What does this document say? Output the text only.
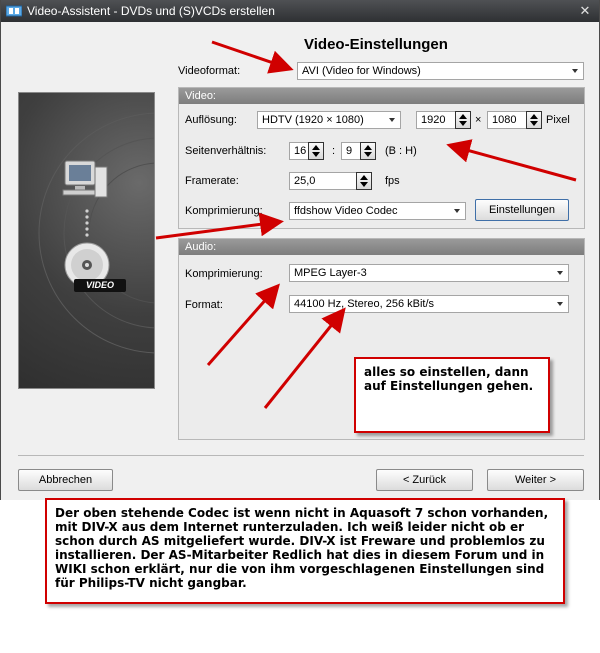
Video-Assistent - DVDs und (S)VCDs erstellen	✕
VIDEO
Video-Einstellungen
Videoformat:	AVI (Video for Windows)
Video:
Auflösung:	HDTV (1920 × 1080)	1920	× 1080	Pixel
Seitenverhältnis:	16 : 9	(B : H)
Framerate:	25,0	fps
Komprimierung:	ffdshow Video Codec	Einstellungen
Audio:
Komprimierung:	MPEG Layer-3
Format:	44100 Hz, Stereo, 256 kBit/s
Abbrechen	< Zurück	Weiter >
alles so einstellen, dann auf Einstellungen gehen.
Der oben stehende Codec ist wenn nicht in Aquasoft 7 schon vorhanden, mit DIV-X aus dem Internet runterzuladen. Ich weiß leider nicht ob er schon durch AS mitgeliefert wurde. DIV-X ist Freware und problemlos zu installieren. Der AS-Mitarbeiter Redlich hat dies in diesem Forum und in WIKI schon erklärt, nur die von ihm vorgeschlagenen Einstellungen sind für Philips-TV nicht gangbar.
